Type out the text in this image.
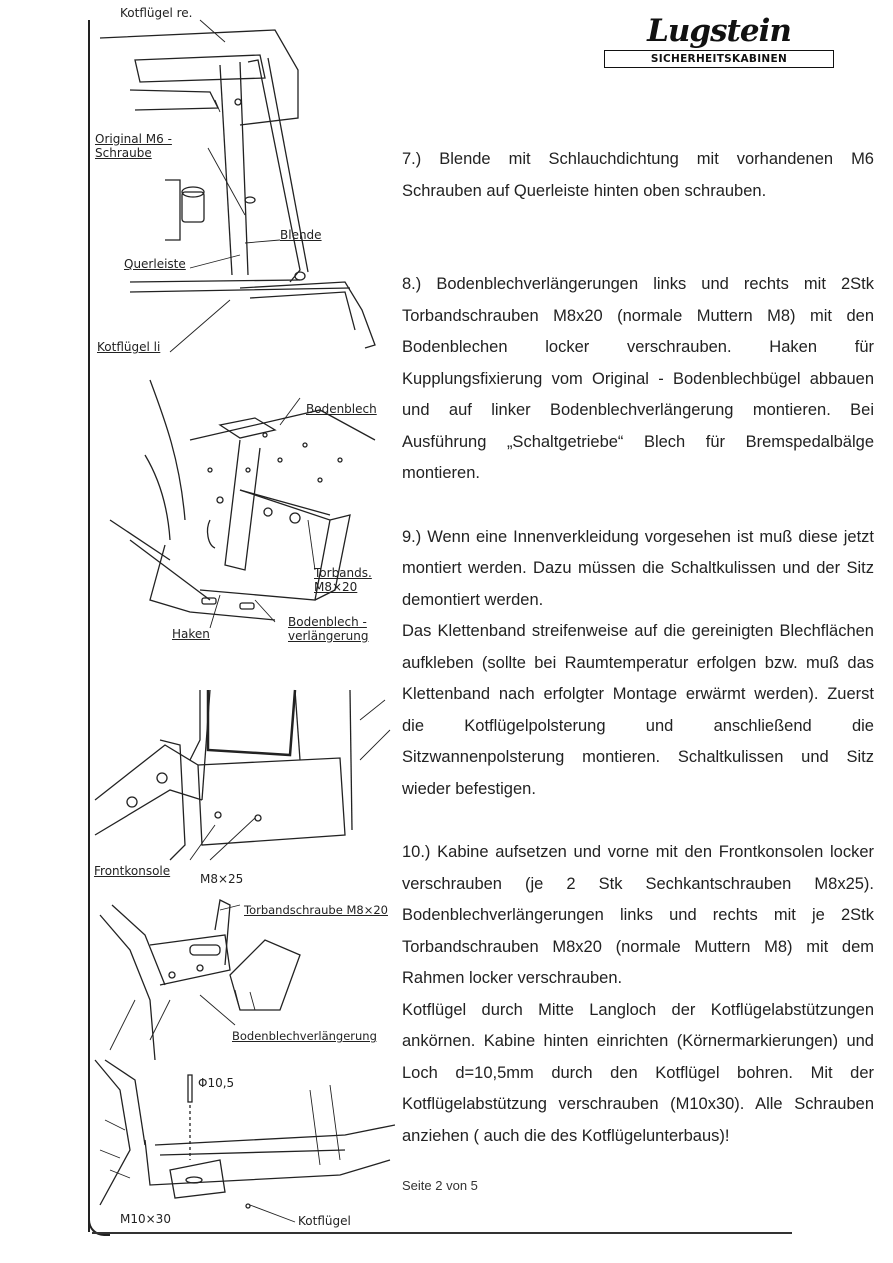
Kotflügel re.
Original M6 - Schraube
Blende
Querleiste
Kotflügel li
Bodenblech
Torbands. M8×20
Haken
Bodenblech - verlängerung
Frontkonsole
M8×25
Torbandschraube M8×20
Bodenblechverlängerung
Φ10,5
M10×30	Kotflügel
Lugstein
SICHERHEITSKABINEN

7.) Blende mit Schlauchdichtung mit vorhandenen M6 Schrauben auf Querleiste hinten oben schrauben.

8.) Bodenblechverlängerungen links und rechts mit 2Stk Torbandschrauben M8x20 (normale Muttern M8) mit den Bodenblechen locker verschrauben. Haken für Kupplungsfixierung vom Original - Bodenblechbügel abbauen und auf linker Bodenblechverlängerung montieren. Bei Ausführung „Schaltgetriebe“ Blech für Bremspedalbälge montieren.

9.) Wenn eine Innenverkleidung vorgesehen ist muß diese jetzt montiert werden. Dazu müssen die Schaltkulissen und der Sitz demontiert werden.

Das Klettenband streifenweise auf die gereinigten Blechflächen aufkleben (sollte bei Raumtemperatur erfolgen bzw. muß das Klettenband nach erfolgter Montage erwärmt werden). Zuerst die Kotflügelpolsterung und anschließend die Sitzwannenpolsterung montieren. Schaltkulissen und Sitz wieder befestigen.

10.) Kabine aufsetzen und vorne mit den Frontkonsolen locker verschrauben (je 2 Stk Sechkantschrauben M8x25). Bodenblechverlängerungen links und rechts mit je 2Stk Torbandschrauben M8x20 (normale Muttern M8) mit dem Rahmen locker verschrauben.

Kotflügel durch Mitte Langloch der Kotflügelabstützungen ankörnen. Kabine hinten einrichten (Körnermarkierungen) und Loch d=10,5mm durch den Kotflügel bohren. Mit der Kotflügelabstützung verschrauben (M10x30). Alle Schrauben anziehen ( auch die des Kotflügelunterbaus)!

Seite 2 von 5
